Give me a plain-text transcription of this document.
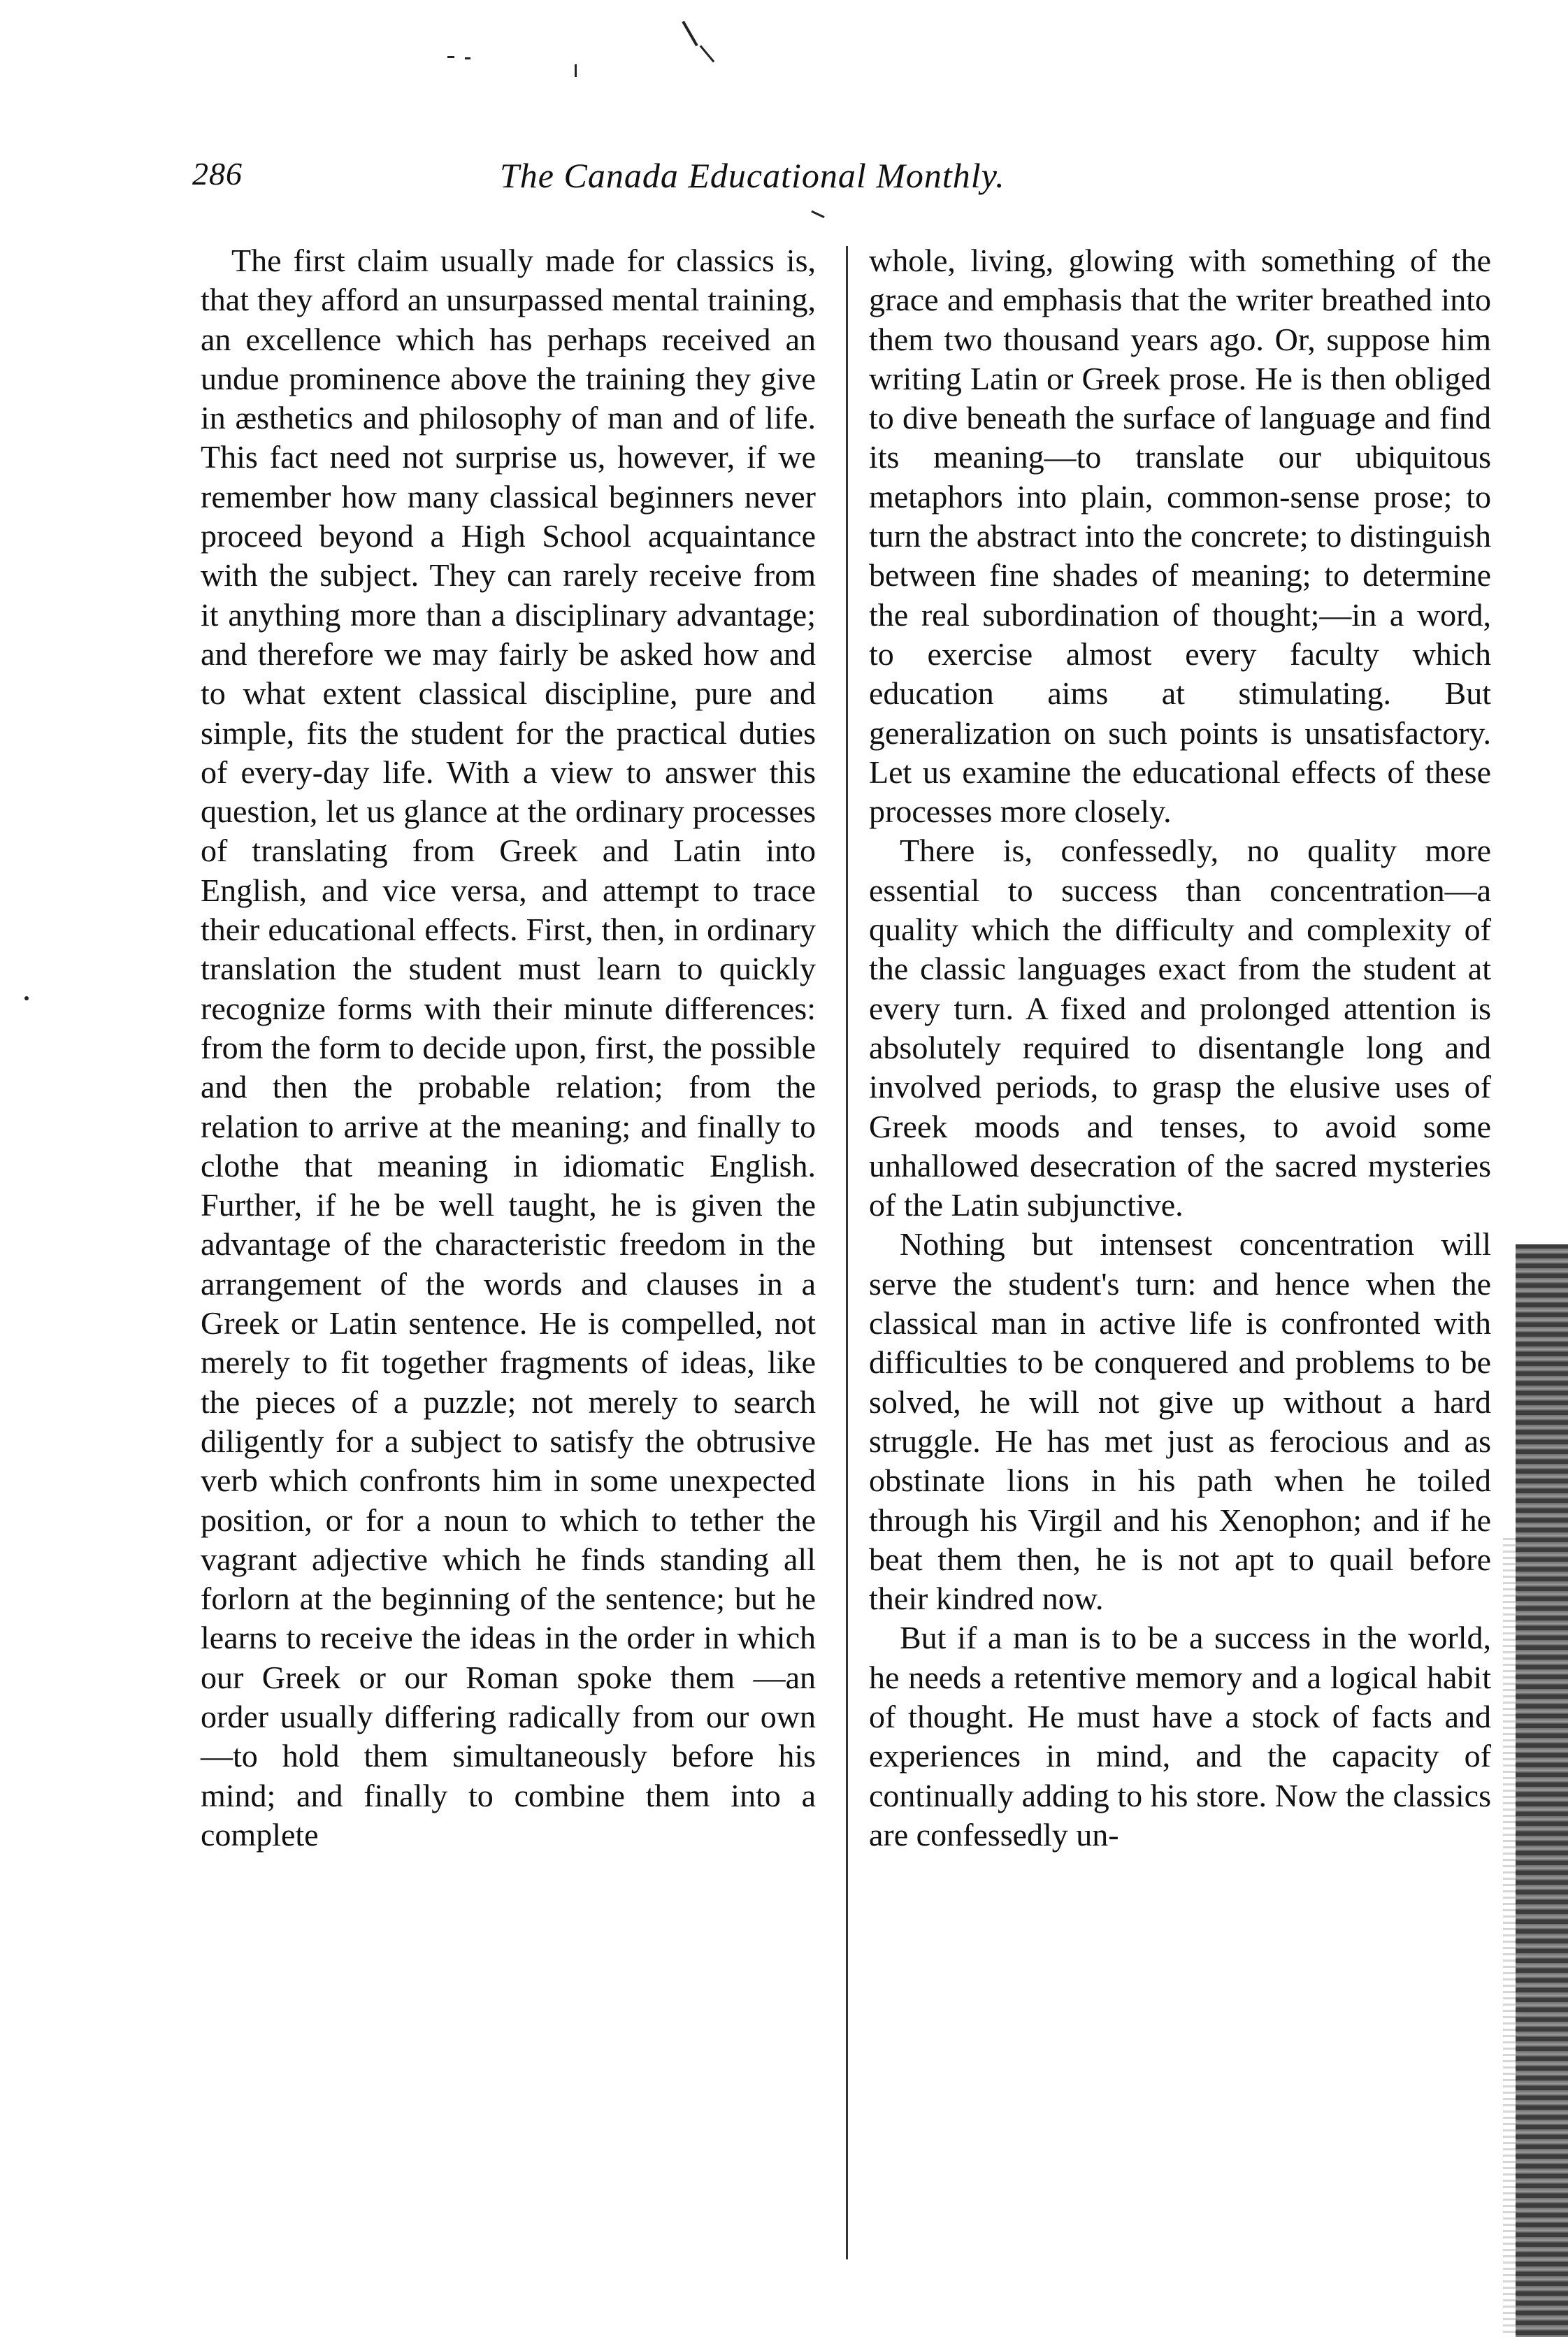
286	The Canada Educational Monthly.

The first claim usually made for classics is, that they afford an unsurpassed mental training, an excellence which has perhaps received an undue prominence above the training they give in æsthetics and philosophy of man and of life. This fact need not surprise us, however, if we remember how many classical beginners never proceed beyond a High School acquaintance with the subject. They can rarely receive from it anything more than a disciplinary advantage; and therefore we may fairly be asked how and to what extent classical discipline, pure and simple, fits the student for the practical duties of every-day life. With a view to answer this question, let us glance at the ordinary processes of translating from Greek and Latin into English, and vice versa, and attempt to trace their educational effects. First, then, in ordinary translation the student must learn to quickly recognize forms with their minute differences: from the form to decide upon, first, the possible and then the probable relation; from the relation to arrive at the meaning; and finally to clothe that meaning in idiomatic English. Further, if he be well taught, he is given the advantage of the characteristic freedom in the arrangement of the words and clauses in a Greek or Latin sentence. He is compelled, not merely to fit together fragments of ideas, like the pieces of a puzzle; not merely to search diligently for a subject to satisfy the obtrusive verb which confronts him in some unexpected position, or for a noun to which to tether the vagrant adjective which he finds standing all forlorn at the beginning of the sentence; but he learns to receive the ideas in the order in which our Greek or our Roman spoke them —an order usually differing radically from our own—to hold them simultaneously before his mind; and finally to combine them into a complete

whole, living, glowing with something of the grace and emphasis that the writer breathed into them two thousand years ago. Or, suppose him writing Latin or Greek prose. He is then obliged to dive beneath the surface of language and find its meaning—to translate our ubiquitous metaphors into plain, common-sense prose; to turn the abstract into the concrete; to distinguish between fine shades of meaning; to determine the real subordination of thought;—in a word, to exercise almost every faculty which education aims at stimulating. But generalization on such points is unsatisfactory. Let us examine the educational effects of these processes more closely.

There is, confessedly, no quality more essential to success than concentration—a quality which the difficulty and complexity of the classic languages exact from the student at every turn. A fixed and prolonged attention is absolutely required to disentangle long and involved periods, to grasp the elusive uses of Greek moods and tenses, to avoid some unhallowed desecration of the sacred mysteries of the Latin subjunctive.

Nothing but intensest concentration will serve the student's turn: and hence when the classical man in active life is confronted with difficulties to be conquered and problems to be solved, he will not give up without a hard struggle. He has met just as ferocious and as obstinate lions in his path when he toiled through his Virgil and his Xenophon; and if he beat them then, he is not apt to quail before their kindred now.

But if a man is to be a success in the world, he needs a retentive memory and a logical habit of thought. He must have a stock of facts and experiences in mind, and the capacity of continually adding to his store. Now the classics are confessedly un-
